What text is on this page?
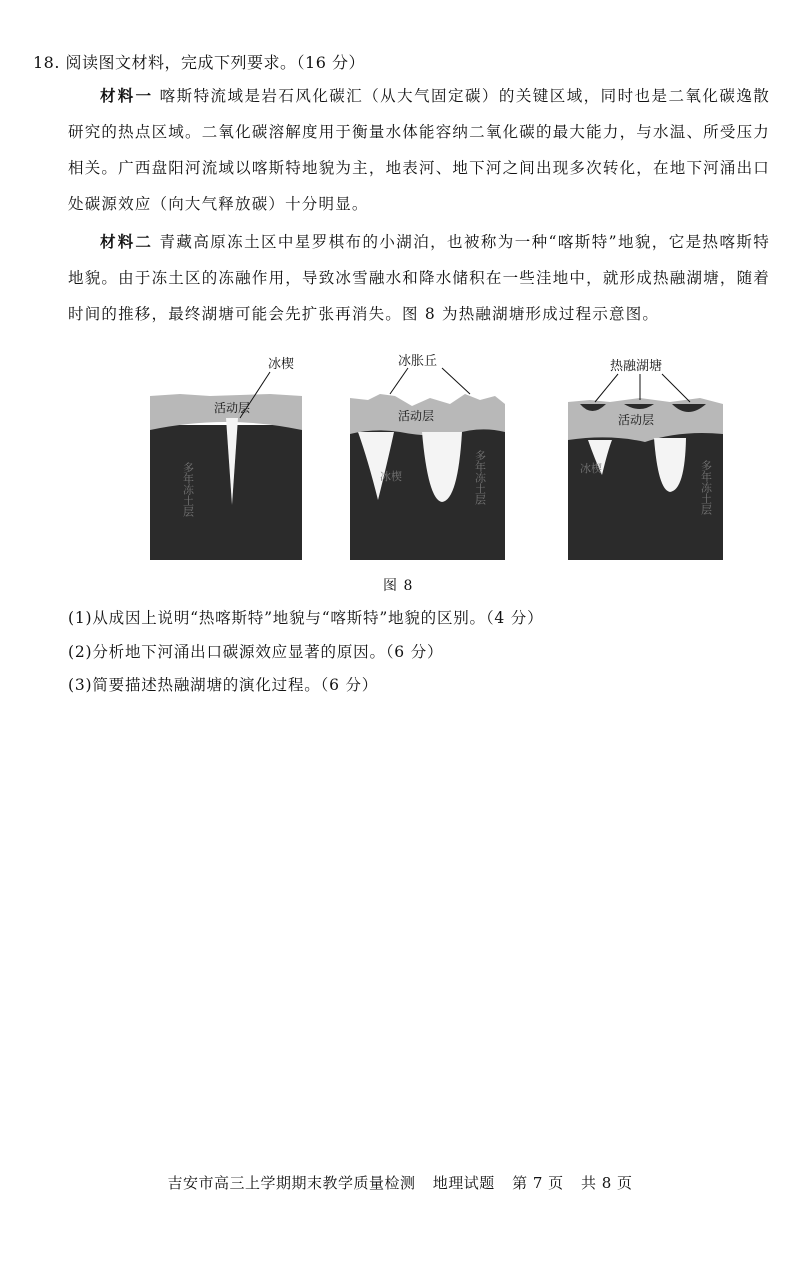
18. 阅读图文材料，完成下列要求。（16 分）
材料一 喀斯特流域是岩石风化碳汇（从大气固定碳）的关键区域，同时也是二氧化碳逸散研究的热点区域。二氧化碳溶解度用于衡量水体能容纳二氧化碳的最大能力，与水温、所受压力相关。广西盘阳河流域以喀斯特地貌为主，地表河、地下河之间出现多次转化，在地下河涌出口处碳源效应（向大气释放碳）十分明显。
材料二 青藏高原冻土区中星罗棋布的小湖泊，也被称为一种“喀斯特”地貌，它是热喀斯特地貌。由于冻土区的冻融作用，导致冰雪融水和降水储积在一些洼地中，就形成热融湖塘，随着时间的推移，最终湖塘可能会先扩张再消失。图 8 为热融湖塘形成过程示意图。
冰楔
活动层
多年冻土层
冰胀丘
活动层
冰楔	多年冻土层
热融湖塘
活动层
冰楔	多年冻土层
图 8
(1)从成因上说明“热喀斯特”地貌与“喀斯特”地貌的区别。（4 分）
(2)分析地下河涌出口碳源效应显著的原因。（6 分）
(3)简要描述热融湖塘的演化过程。（6 分）
吉安市高三上学期期末教学质量检测 地理试题 第 7 页 共 8 页
